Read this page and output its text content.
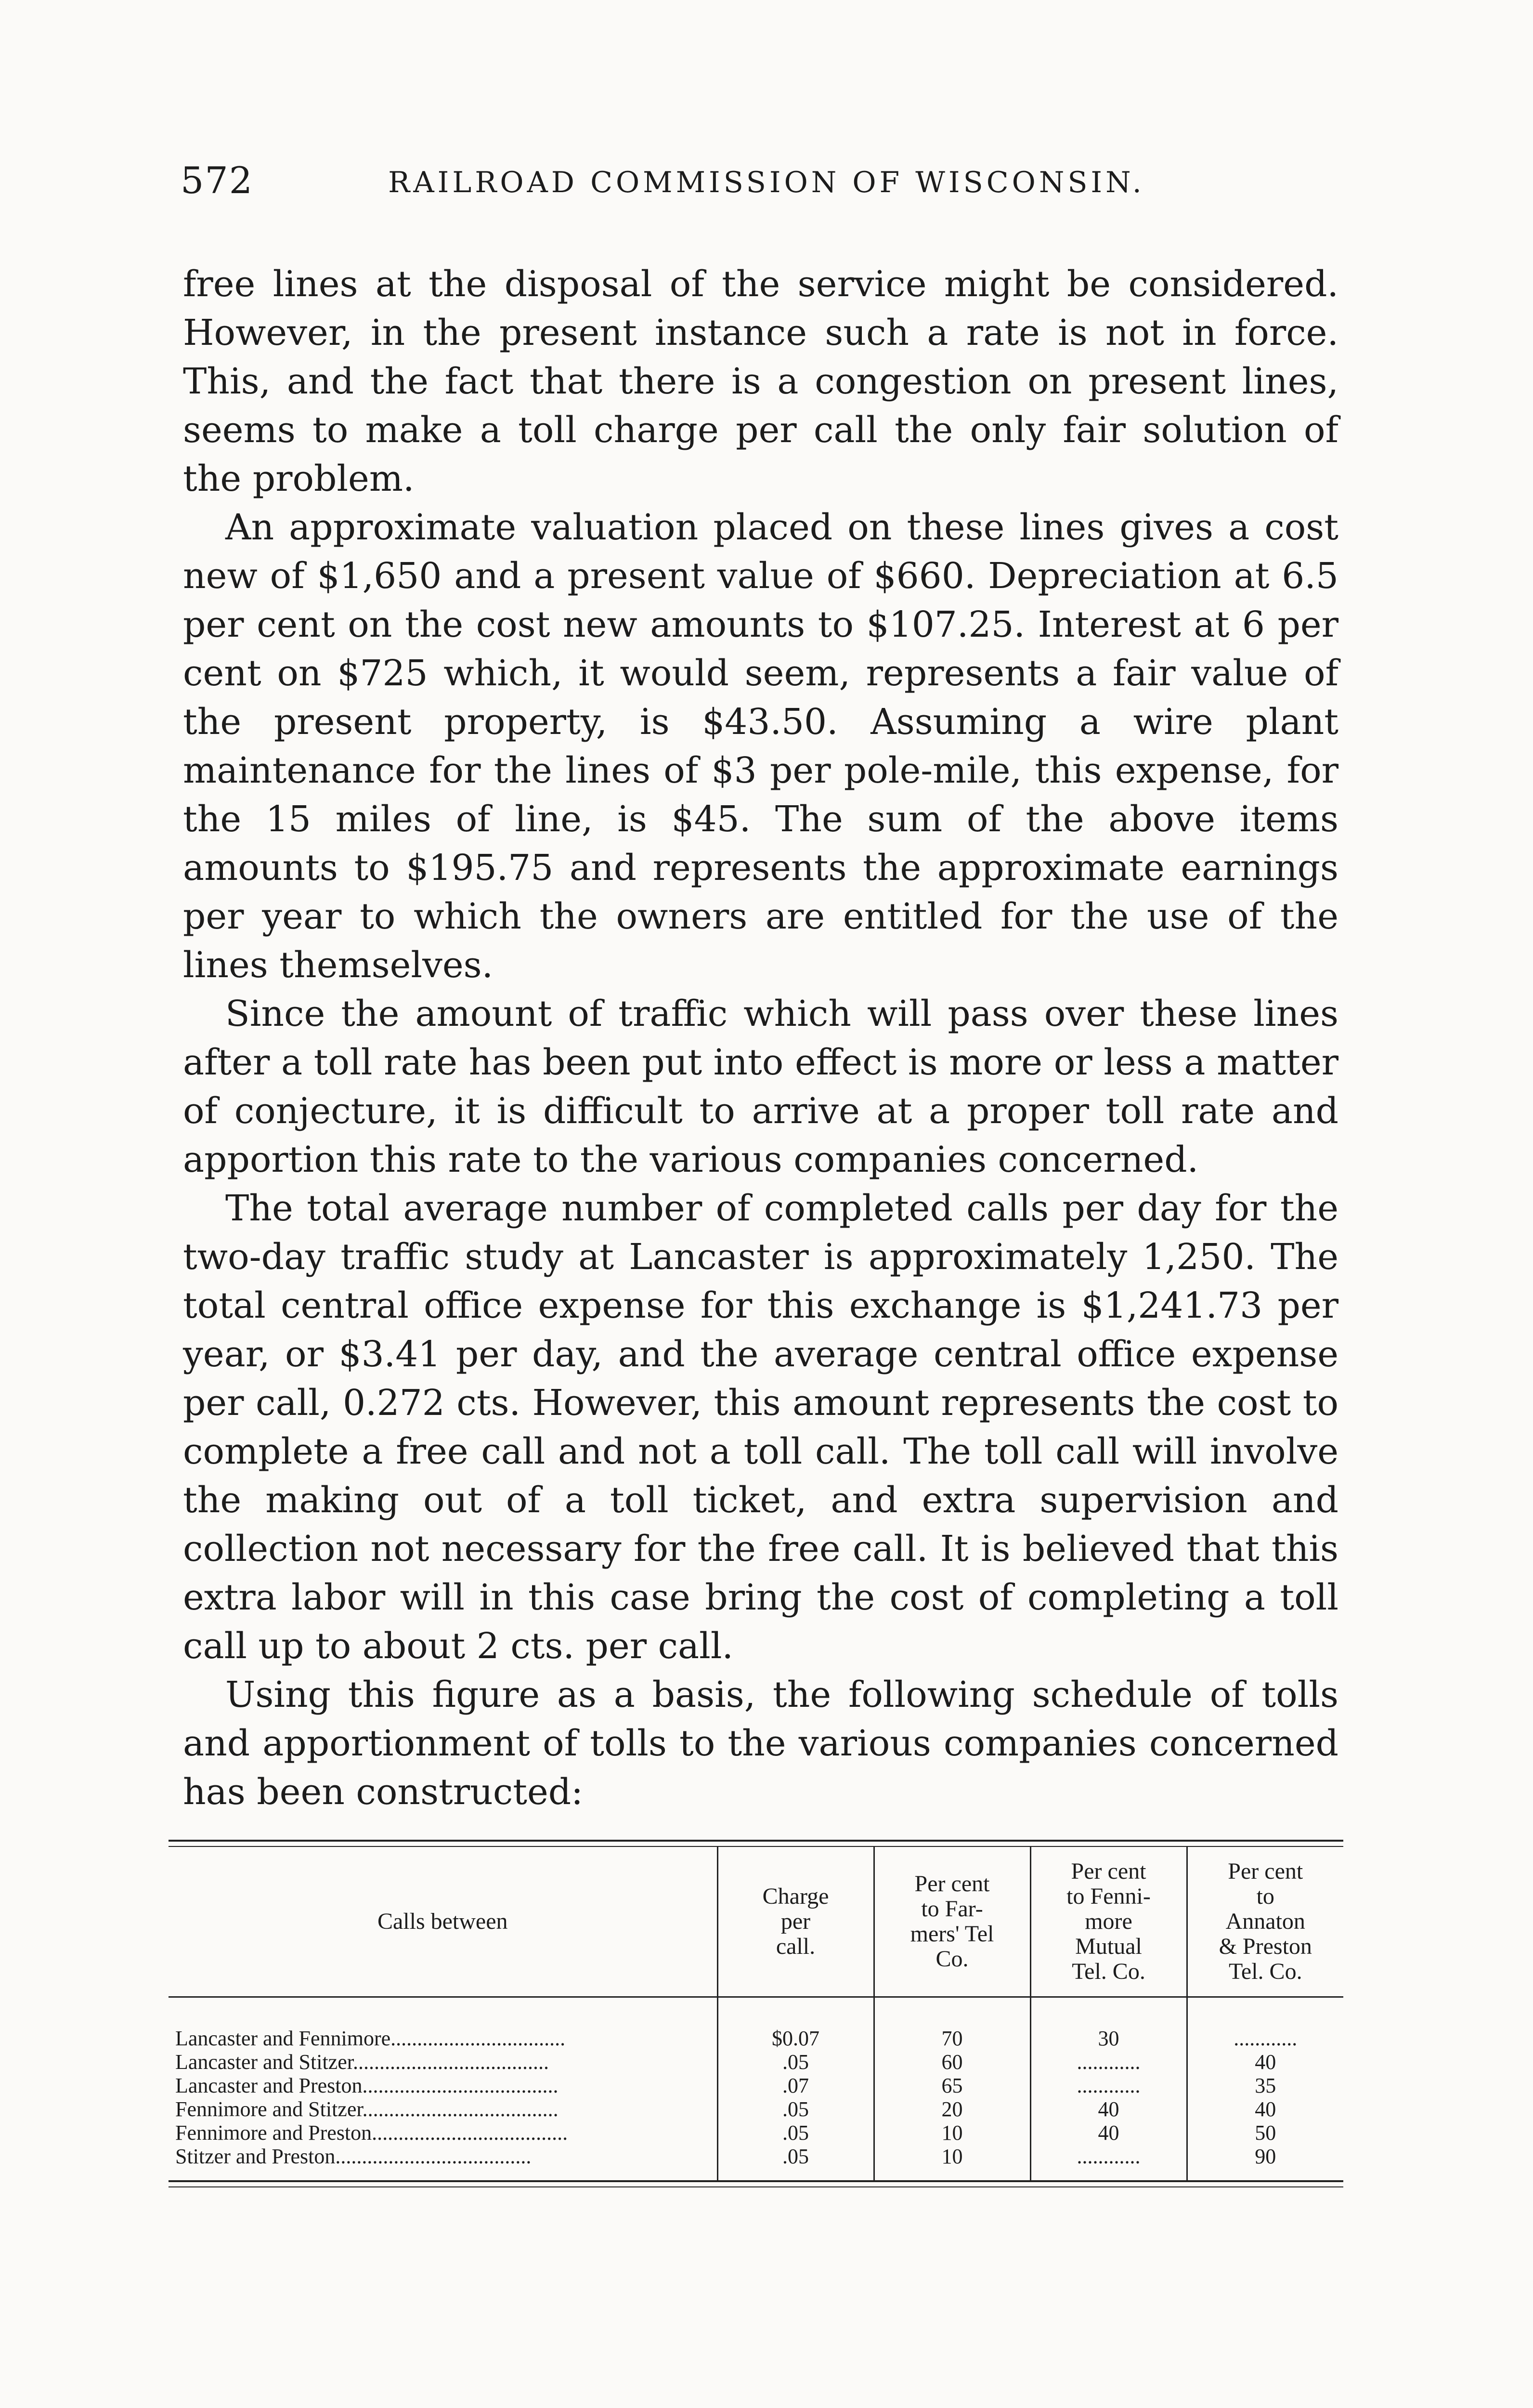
572	RAILROAD COMMISSION OF WISCONSIN.

free lines at the disposal of the service might be considered. However, in the present instance such a rate is not in force. This, and the fact that there is a congestion on present lines, seems to make a toll charge per call the only fair solution of the problem.

An approximate valuation placed on these lines gives a cost new of $1,650 and a present value of $660. Depreciation at 6.5 per cent on the cost new amounts to $107.25. Interest at 6 per cent on $725 which, it would seem, represents a fair value of the present property, is $43.50. Assuming a wire plant maintenance for the lines of $3 per pole-mile, this expense, for the 15 miles of line, is $45. The sum of the above items amounts to $195.75 and represents the approximate earnings per year to which the owners are entitled for the use of the lines themselves.

Since the amount of traffic which will pass over these lines after a toll rate has been put into effect is more or less a matter of conjecture, it is difficult to arrive at a proper toll rate and apportion this rate to the various companies concerned.

The total average number of completed calls per day for the two-day traffic study at Lancaster is approximately 1,250. The total central office expense for this exchange is $1,241.73 per year, or $3.41 per day, and the average central office expense per call, 0.272 cts. However, this amount represents the cost to complete a free call and not a toll call. The toll call will involve the making out of a toll ticket, and extra supervision and collection not necessary for the free call. It is believed that this extra labor will in this case bring the cost of completing a toll call up to about 2 cts. per call.

Using this figure as a basis, the following schedule of tolls and apportionment of tolls to the various companies concerned has been constructed:

Calls between	Charge
per
call.	Per cent
to Far-
mers' Tel
Co.	Per cent
to Fenni-
more
Mutual
Tel. Co.	Per cent
to
Annaton
& Preston
Tel. Co.

Lancaster and Fennimore.................................	$0.07	70	30	............
Lancaster and Stitzer.....................................	.05	60	............	40
Lancaster and Preston.....................................	.07	65	............	35
Fennimore and Stitzer.....................................	.05	20	40	40
Fennimore and Preston.....................................	.05	10	40	50
Stitzer and Preston.....................................	.05	10	............	90
